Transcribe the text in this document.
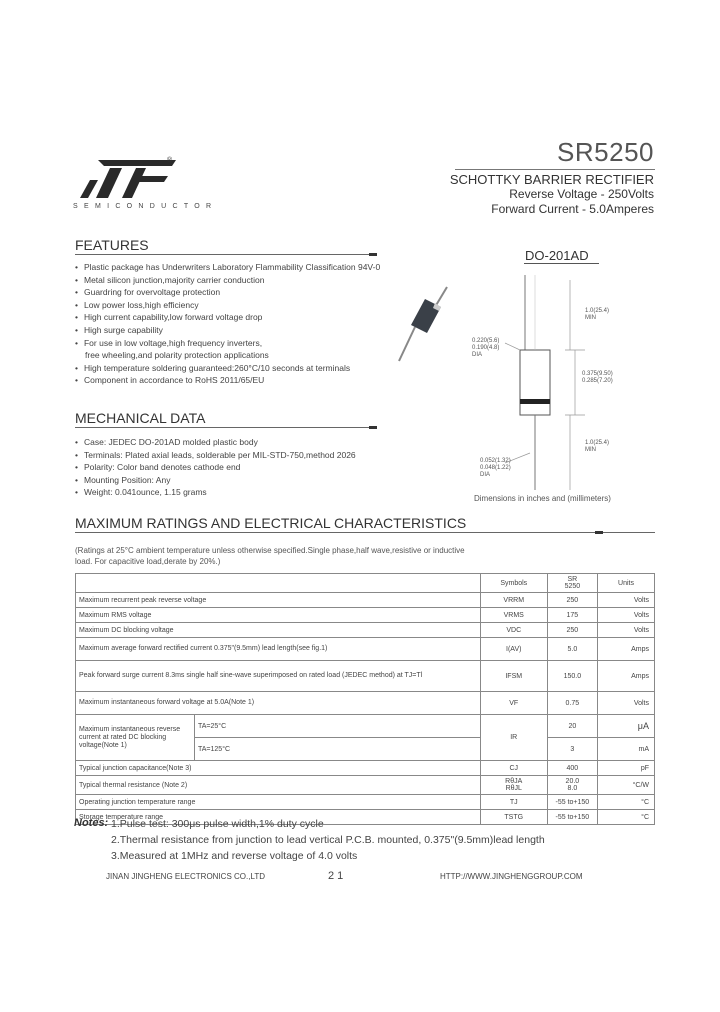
®
SEMICONDUCTOR
SR5250
SCHOTTKY BARRIER RECTIFIER
Reverse Voltage - 250Volts
Forward Current - 5.0Amperes
FEATURES
• Plastic package has Underwriters Laboratory Flammability Classification 94V-0
• Metal silicon junction,majority carrier conduction
• Guardring for overvoltage protection
• Low power loss,high efficiency
• High current capability,low forward voltage drop
• High surge capability
• For use in low voltage,high frequency inverters,
free wheeling,and polarity protection applications
• High temperature soldering guaranteed:260°C/10 seconds at terminals
• Component in accordance to RoHS 2011/65/EU
MECHANICAL DATA
• Case: JEDEC DO-201AD molded plastic body
• Terminals: Plated axial leads, solderable per MIL-STD-750,method 2026
• Polarity: Color band denotes cathode end
• Mounting Position: Any
• Weight: 0.041ounce, 1.15 grams
DO-201AD
1.0(25.4)
MIN
0.220(5.6)
0.190(4.8)
DIA
0.375(9.50)
0.285(7.20)
1.0(25.4)
MIN
0.052(1.32)
0.048(1.22)
DIA
Dimensions in inches and (millimeters)
MAXIMUM RATINGS AND ELECTRICAL CHARACTERISTICS
(Ratings at 25°C ambient temperature unless otherwise specified.Single phase,half wave,resistive or inductive
load. For capacitive load,derate by 20%.)
		Symbols	SR
5250	Units
Maximum recurrent peak reverse voltage		VRRM	250	Volts
Maximum RMS voltage		VRMS	175	Volts
Maximum DC blocking voltage		VDC	250	Volts
Maximum average forward rectified current 0.375"(9.5mm) lead length(see fig.1)		I(AV)	5.0	Amps
Peak forward surge current 8.3ms single half sine-wave superimposed on rated load (JEDEC method) at TJ=Tl		IFSM	150.0	Amps
Maximum instantaneous forward voltage at 5.0A(Note 1)		VF	0.75	Volts
Maximum instantaneous reverse current at rated DC blocking voltage(Note 1)	TA=25°C	IR	20	μA
	TA=125°C		3	mA
Typical junction capacitance(Note 3)		CJ	400	pF
Typical thermal resistance (Note 2)		RθJA
RθJL	20.0
8.0	°C/W
Operating junction temperature range		TJ	-55 to+150	°C
Storage temperature range		TSTG	-55 to+150	°C
Notes: 1.Pulse test: 300μs pulse width,1% duty cycle
2.Thermal resistance from junction to lead vertical P.C.B. mounted, 0.375"(9.5mm)lead length
3.Measured at 1MHz and reverse voltage of 4.0 volts
JINAN JINGHENG ELECTRONICS CO.,LTD	2 1	HTTP://WWW.JINGHENGGROUP.COM
